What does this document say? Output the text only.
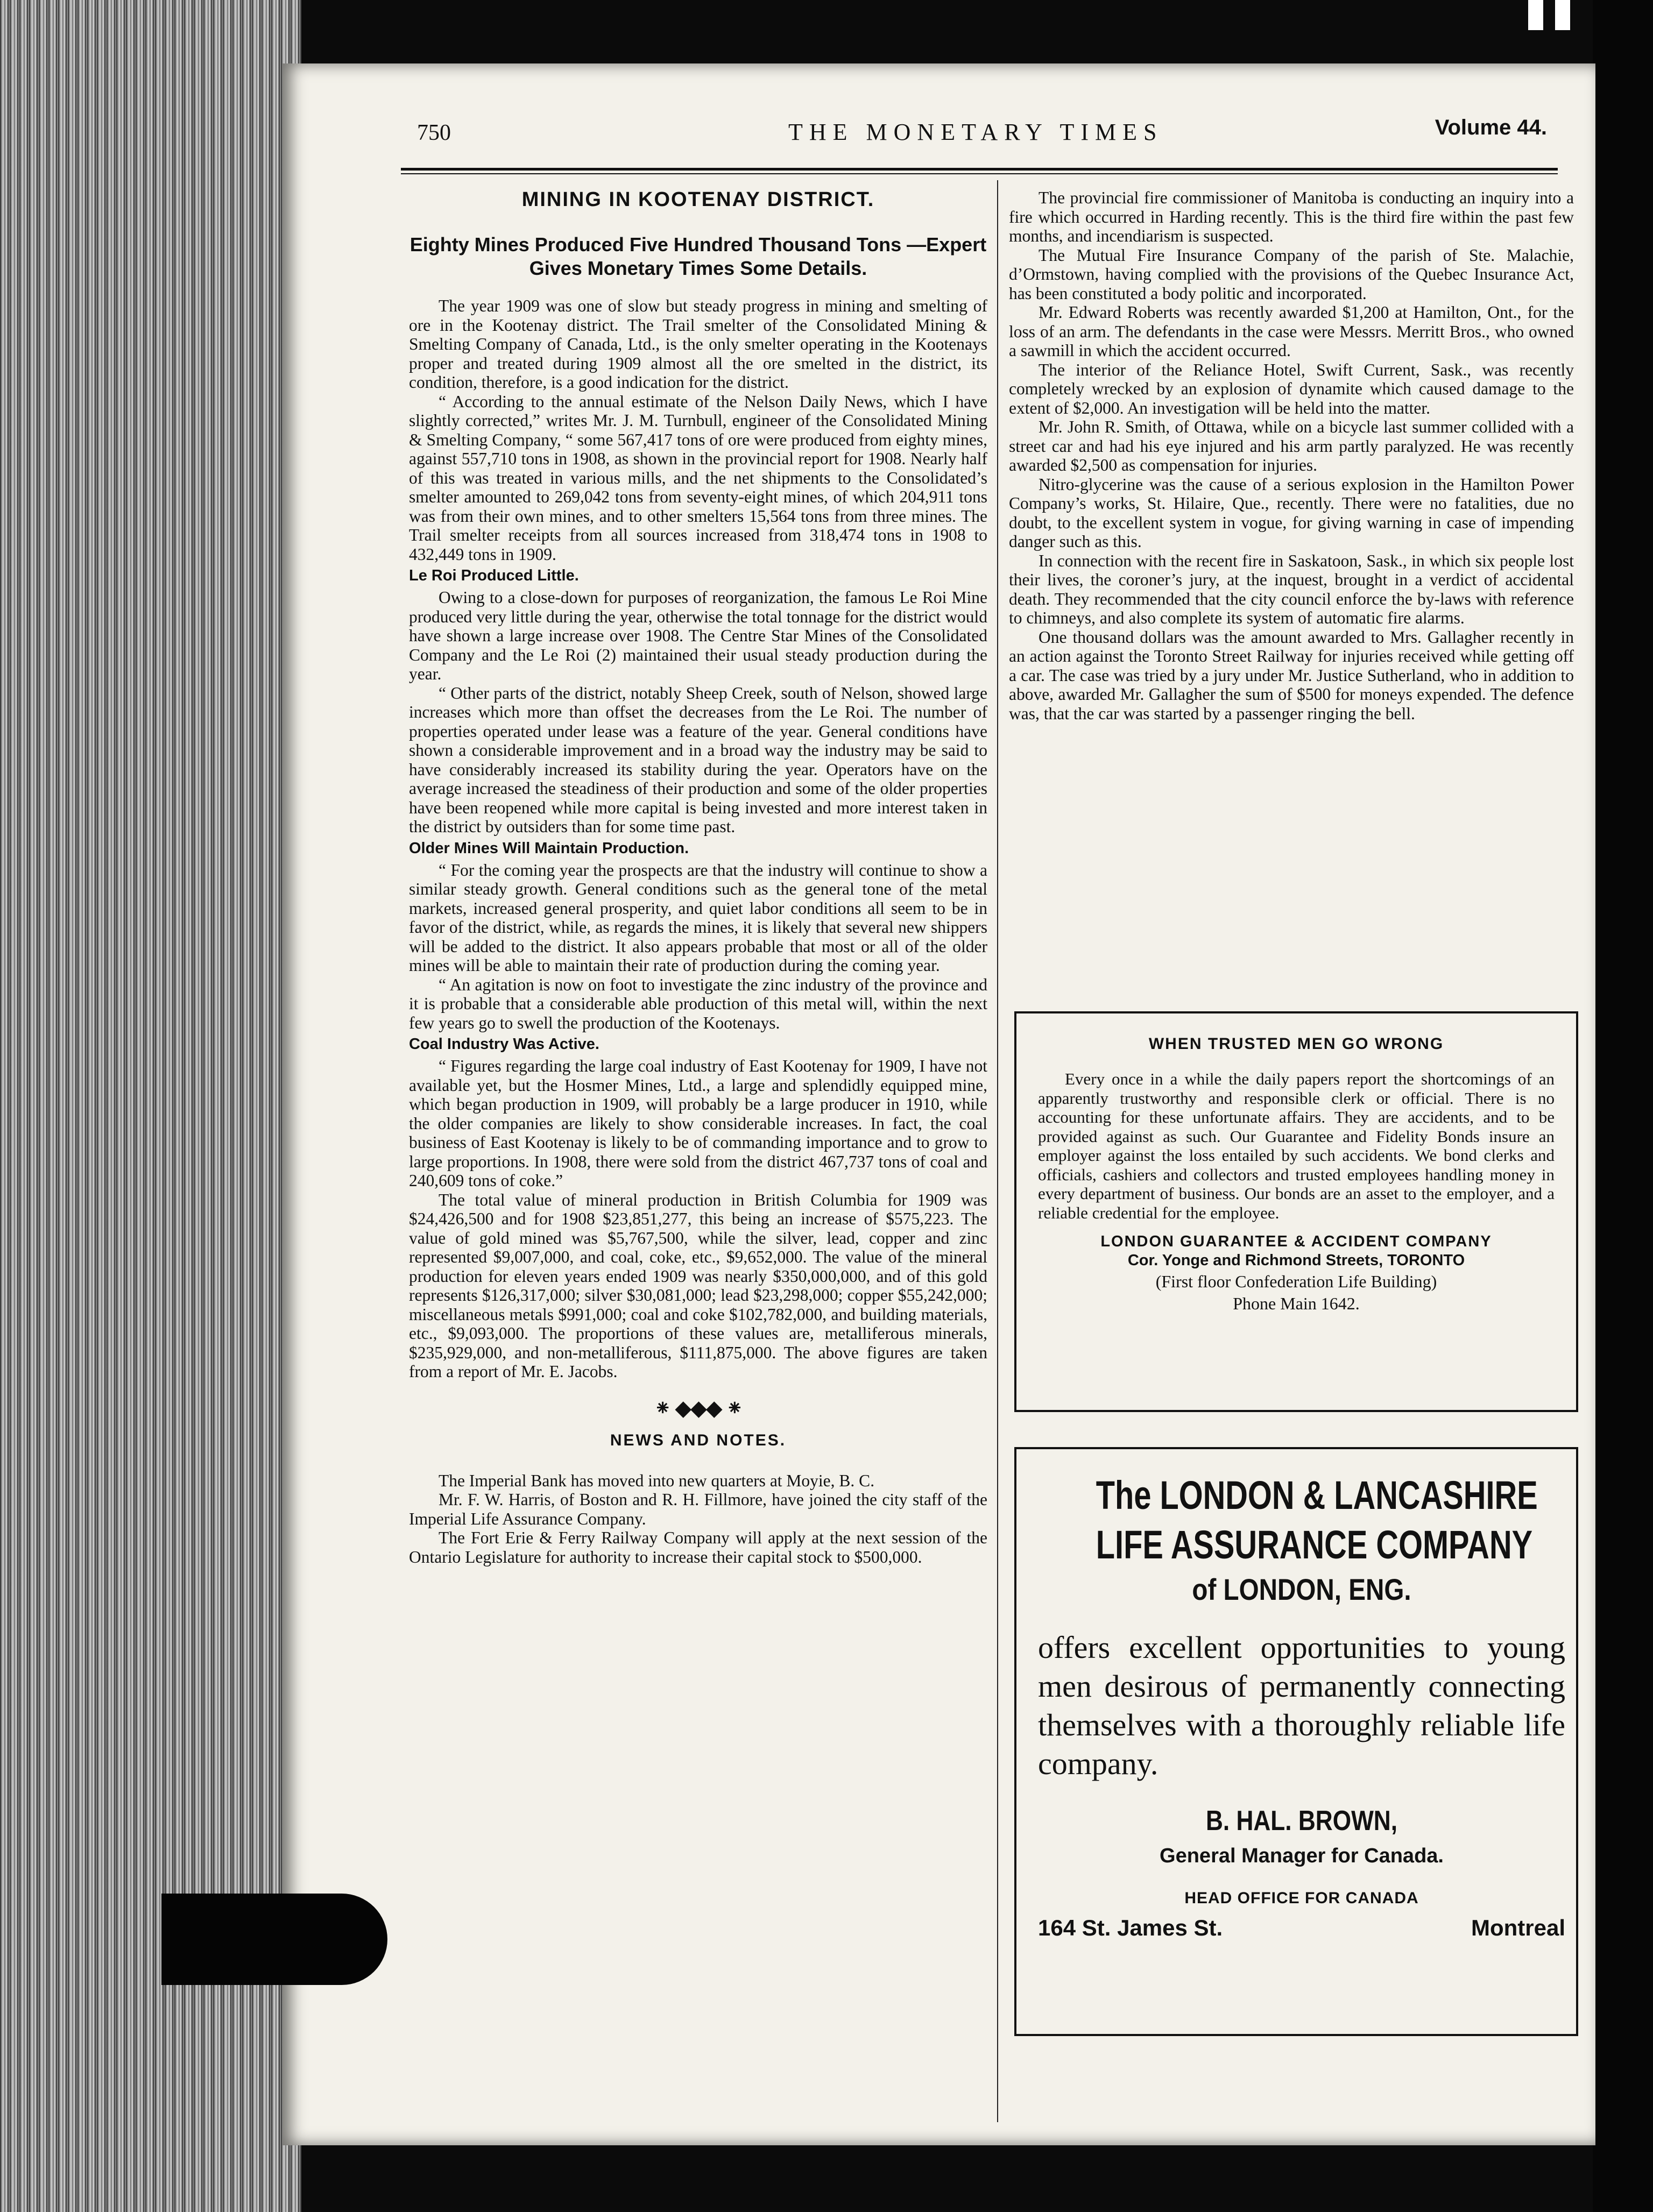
750	THE MONETARY TIMES	Volume 44.

MINING IN KOOTENAY DISTRICT.

Eighty Mines Produced Five Hundred Thousand Tons —Expert Gives Monetary Times Some Details.

The year 1909 was one of slow but steady progress in mining and smelting of ore in the Kootenay district. The Trail smelter of the Consolidated Mining & Smelting Company of Canada, Ltd., is the only smelter operating in the Kootenays proper and treated during 1909 almost all the ore smelted in the district, its condition, therefore, is a good indication for the district.

“ According to the annual estimate of the Nelson Daily News, which I have slightly corrected,” writes Mr. J. M. Turnbull, engineer of the Consolidated Mining & Smelting Company, “ some 567,417 tons of ore were produced from eighty mines, against 557,710 tons in 1908, as shown in the provincial report for 1908. Nearly half of this was treated in various mills, and the net shipments to the Consolidated’s smelter amounted to 269,042 tons from seventy-eight mines, of which 204,911 tons was from their own mines, and to other smelters 15,564 tons from three mines. The Trail smelter receipts from all sources increased from 318,474 tons in 1908 to 432,449 tons in 1909.

Le Roi Produced Little.

Owing to a close-down for purposes of reorganization, the famous Le Roi Mine produced very little during the year, otherwise the total tonnage for the district would have shown a large increase over 1908. The Centre Star Mines of the Consolidated Company and the Le Roi (2) maintained their usual steady production during the year.

“ Other parts of the district, notably Sheep Creek, south of Nelson, showed large increases which more than offset the decreases from the Le Roi. The number of properties operated under lease was a feature of the year. General conditions have shown a considerable improvement and in a broad way the industry may be said to have considerably increased its stability during the year. Operators have on the average increased the steadiness of their production and some of the older properties have been reopened while more capital is being invested and more interest taken in the district by outsiders than for some time past.

Older Mines Will Maintain Production.

“ For the coming year the prospects are that the industry will continue to show a similar steady growth. General conditions such as the general tone of the metal markets, increased general prosperity, and quiet labor conditions all seem to be in favor of the district, while, as regards the mines, it is likely that several new shippers will be added to the district. It also appears probable that most or all of the older mines will be able to maintain their rate of production during the coming year.

“ An agitation is now on foot to investigate the zinc industry of the province and it is probable that a considerable able production of this metal will, within the next few years go to swell the production of the Kootenays.

Coal Industry Was Active.

“ Figures regarding the large coal industry of East Kootenay for 1909, I have not available yet, but the Hosmer Mines, Ltd., a large and splendidly equipped mine, which began production in 1909, will probably be a large producer in 1910, while the older companies are likely to show considerable increases. In fact, the coal business of East Kootenay is likely to be of commanding importance and to grow to large proportions. In 1908, there were sold from the district 467,737 tons of coal and 240,609 tons of coke.”

The total value of mineral production in British Columbia for 1909 was $24,426,500 and for 1908 $23,851,277, this being an increase of $575,223. The value of gold mined was $5,767,500, while the silver, lead, copper and zinc represented $9,007,000, and coal, coke, etc., $9,652,000. The value of the mineral production for eleven years ended 1909 was nearly $350,000,000, and of this gold represents $126,317,000; silver $30,081,000; lead $23,298,000; copper $55,242,000; miscellaneous metals $991,000; coal and coke $102,782,000, and building materials, etc., $9,093,000. The proportions of these values are, metalliferous minerals, $235,929,000, and non-metalliferous, $111,875,000. The above figures are taken from a report of Mr. E. Jacobs.

⁕ ◆◆◆ ⁕

NEWS AND NOTES.

The Imperial Bank has moved into new quarters at Moyie, B. C.

Mr. F. W. Harris, of Boston and R. H. Fillmore, have joined the city staff of the Imperial Life Assurance Company.

The Fort Erie & Ferry Railway Company will apply at the next session of the Ontario Legislature for authority to increase their capital stock to $500,000.

The provincial fire commissioner of Manitoba is conducting an inquiry into a fire which occurred in Harding recently. This is the third fire within the past few months, and incendiarism is suspected.

The Mutual Fire Insurance Company of the parish of Ste. Malachie, d’Ormstown, having complied with the provisions of the Quebec Insurance Act, has been constituted a body politic and incorporated.

Mr. Edward Roberts was recently awarded $1,200 at Hamilton, Ont., for the loss of an arm. The defendants in the case were Messrs. Merritt Bros., who owned a sawmill in which the accident occurred.

The interior of the Reliance Hotel, Swift Current, Sask., was recently completely wrecked by an explosion of dynamite which caused damage to the extent of $2,000. An investigation will be held into the matter.

Mr. John R. Smith, of Ottawa, while on a bicycle last summer collided with a street car and had his eye injured and his arm partly paralyzed. He was recently awarded $2,500 as compensation for injuries.

Nitro-glycerine was the cause of a serious explosion in the Hamilton Power Company’s works, St. Hilaire, Que., recently. There were no fatalities, due no doubt, to the excellent system in vogue, for giving warning in case of impending danger such as this.

In connection with the recent fire in Saskatoon, Sask., in which six people lost their lives, the coroner’s jury, at the inquest, brought in a verdict of accidental death. They recommended that the city council enforce the by-laws with reference to chimneys, and also complete its system of automatic fire alarms.

One thousand dollars was the amount awarded to Mrs. Gallagher recently in an action against the Toronto Street Railway for injuries received while getting off a car. The case was tried by a jury under Mr. Justice Sutherland, who in addition to above, awarded Mr. Gallagher the sum of $500 for moneys expended. The defence was, that the car was started by a passenger ringing the bell.

WHEN TRUSTED MEN GO WRONG

Every once in a while the daily papers report the shortcomings of an apparently trustworthy and responsible clerk or official. There is no accounting for these unfortunate affairs. They are accidents, and to be provided against as such. Our Guarantee and Fidelity Bonds insure an employer against the loss entailed by such accidents. We bond clerks and officials, cashiers and collectors and trusted employees handling money in every department of business. Our bonds are an asset to the employer, and a reliable credential for the employee.

LONDON GUARANTEE & ACCIDENT COMPANY

Cor. Yonge and Richmond Streets, TORONTO

(First floor Confederation Life Building)

Phone Main 1642.

The LONDON & LANCASHIRE

LIFE ASSURANCE COMPANY

of LONDON, ENG.

offers excellent opportunities to young men desirous of permanently connecting themselves with a thoroughly reliable life company.

B. HAL. BROWN,

General Manager for Canada.

HEAD OFFICE FOR CANADA

164 St. James St.	Montreal
